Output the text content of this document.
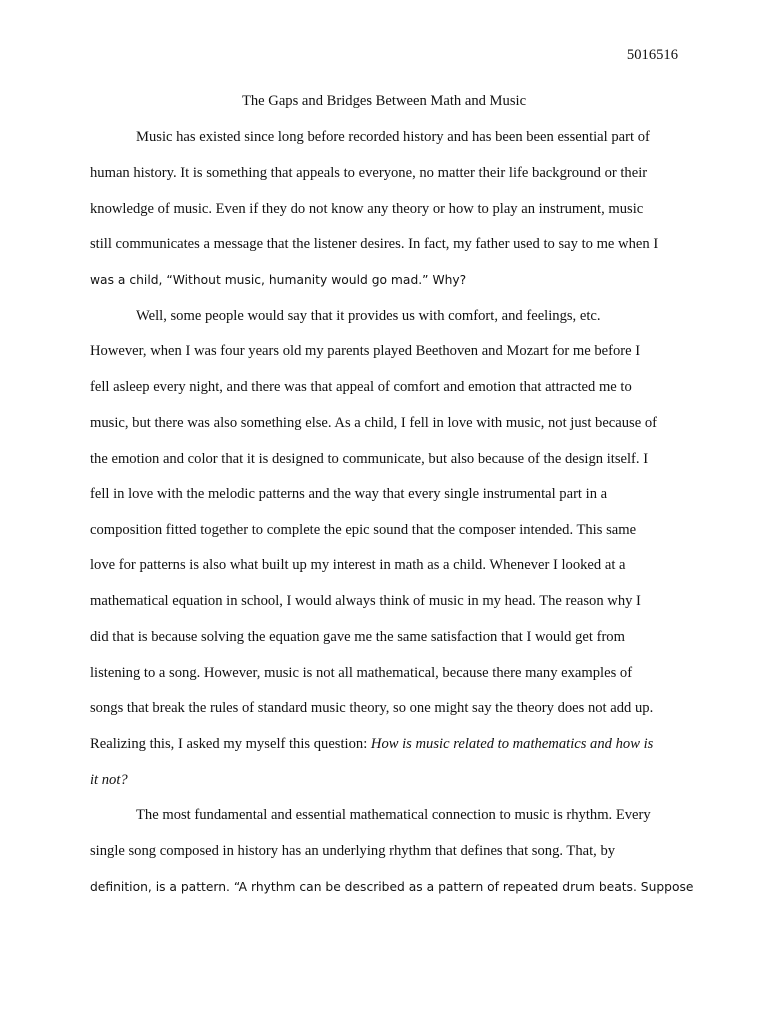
5016516
The Gaps and Bridges Between Math and Music
Music has existed since long before recorded history and has been been essential part of
human history. It is something that appeals to everyone, no matter their life background or their
knowledge of music. Even if they do not know any theory or how to play an instrument, music
still communicates a message that the listener desires. In fact, my father used to say to me when I
was a child, “Without music, humanity would go mad.” Why?
Well, some people would say that it provides us with comfort, and feelings, etc.
However, when I was four years old my parents played Beethoven and Mozart for me before I
fell asleep every night, and there was that appeal of comfort and emotion that attracted me to
music, but there was also something else. As a child, I fell in love with music, not just because of
the emotion and color that it is designed to communicate, but also because of the design itself. I
fell in love with the melodic patterns and the way that every single instrumental part in a
composition fitted together to complete the epic sound that the composer intended. This same
love for patterns is also what built up my interest in math as a child. Whenever I looked at a
mathematical equation in school, I would always think of music in my head. The reason why I
did that is because solving the equation gave me the same satisfaction that I would get from
listening to a song. However, music is not all mathematical, because there many examples of
songs that break the rules of standard music theory, so one might say the theory does not add up.
Realizing this, I asked my myself this question: How is music related to mathematics and how is
it not?
The most fundamental and essential mathematical connection to music is rhythm. Every
single song composed in history has an underlying rhythm that defines that song. That, by
definition, is a pattern. “A rhythm can be described as a pattern of repeated drum beats. Suppose
